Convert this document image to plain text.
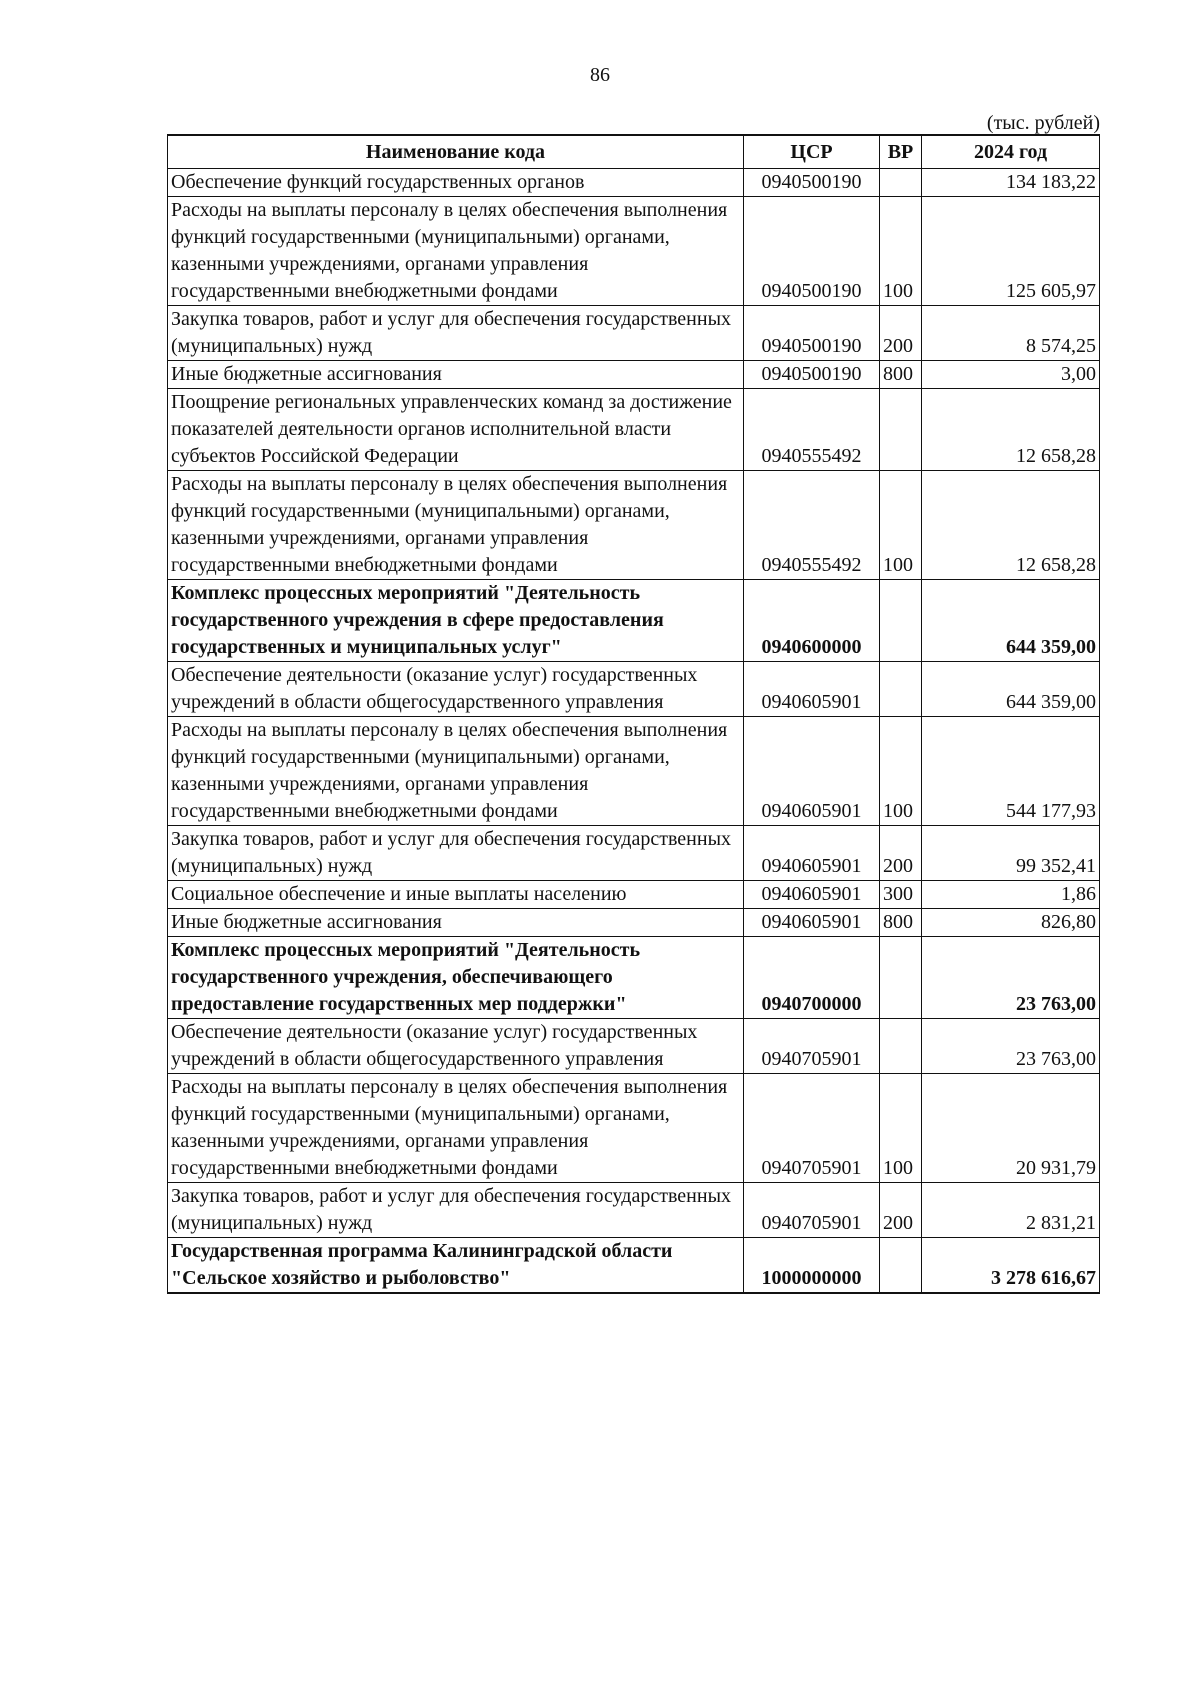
86
(тыс. рублей)
Наименование кода	ЦСР	ВР	2024 год
Обеспечение функций государственных органов	0940500190		134 183,22
Расходы на выплаты персоналу в целях обеспечения выполнения функций государственными (муниципальными) органами, казенными учреждениями, органами управления государственными внебюджетными фондами	0940500190	100	125 605,97
Закупка товаров, работ и услуг для обеспечения государственных (муниципальных) нужд	0940500190	200	8 574,25
Иные бюджетные ассигнования	0940500190	800	3,00
Поощрение региональных управленческих команд за достижение показателей деятельности органов исполнительной власти субъектов Российской Федерации	0940555492		12 658,28
Расходы на выплаты персоналу в целях обеспечения выполнения функций государственными (муниципальными) органами, казенными учреждениями, органами управления государственными внебюджетными фондами	0940555492	100	12 658,28
Комплекс процессных мероприятий "Деятельность государственного учреждения в сфере предоставления государственных и муниципальных услуг"	0940600000		644 359,00
Обеспечение деятельности (оказание услуг) государственных учреждений в области общегосударственного управления	0940605901		644 359,00
Расходы на выплаты персоналу в целях обеспечения выполнения функций государственными (муниципальными) органами, казенными учреждениями, органами управления государственными внебюджетными фондами	0940605901	100	544 177,93
Закупка товаров, работ и услуг для обеспечения государственных (муниципальных) нужд	0940605901	200	99 352,41
Социальное обеспечение и иные выплаты населению	0940605901	300	1,86
Иные бюджетные ассигнования	0940605901	800	826,80
Комплекс процессных мероприятий "Деятельность государственного учреждения, обеспечивающего предоставление государственных мер поддержки"	0940700000		23 763,00
Обеспечение деятельности (оказание услуг) государственных учреждений в области общегосударственного управления	0940705901		23 763,00
Расходы на выплаты персоналу в целях обеспечения выполнения функций государственными (муниципальными) органами, казенными учреждениями, органами управления государственными внебюджетными фондами	0940705901	100	20 931,79
Закупка товаров, работ и услуг для обеспечения государственных (муниципальных) нужд	0940705901	200	2 831,21
Государственная программа Калининградской области "Сельское хозяйство и рыболовство"	1000000000		3 278 616,67
